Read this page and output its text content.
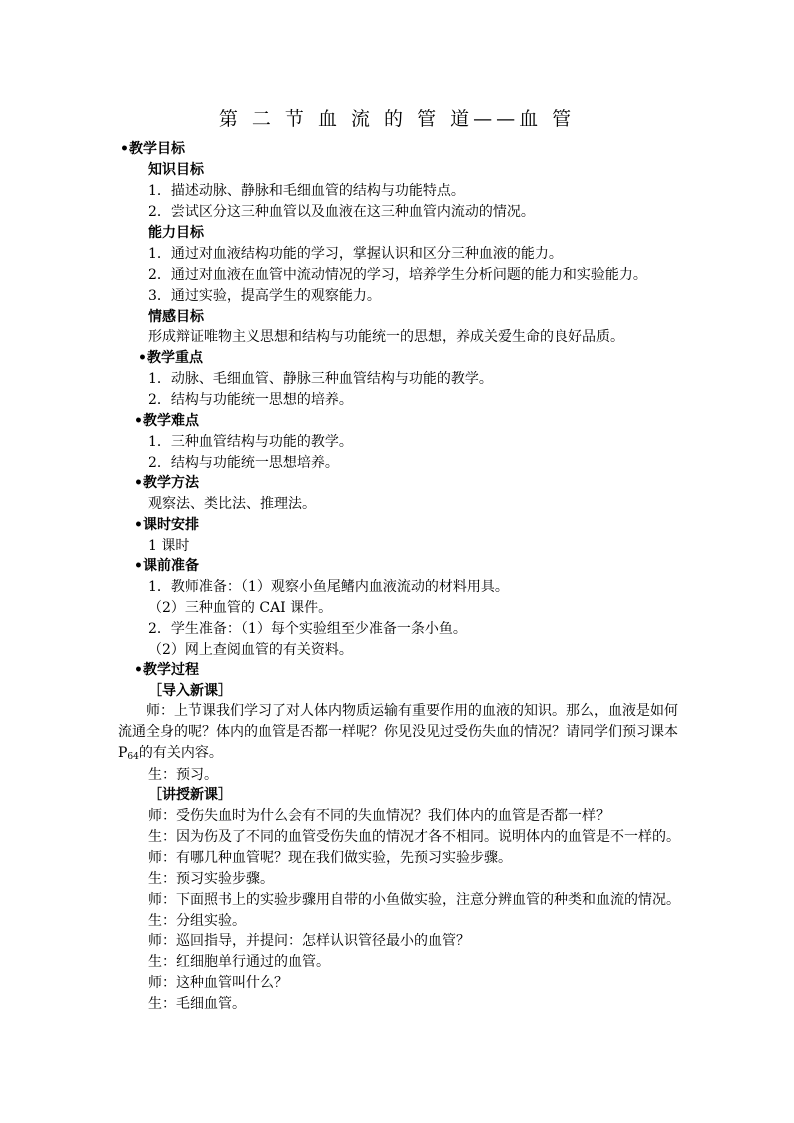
第 二 节 血 流 的 管 道——血 管
•教学目标
知识目标
1．描述动脉、静脉和毛细血管的结构与功能特点。
2．尝试区分这三种血管以及血液在这三种血管内流动的情况。
能力目标
1．通过对血液结构功能的学习，掌握认识和区分三种血液的能力。
2．通过对血液在血管中流动情况的学习，培养学生分析问题的能力和实验能力。
3．通过实验，提高学生的观察能力。
情感目标
形成辩证唯物主义思想和结构与功能统一的思想，养成关爱生命的良好品质。
•教学重点
1．动脉、毛细血管、静脉三种血管结构与功能的教学。
2．结构与功能统一思想的培养。
•教学难点
1．三种血管结构与功能的教学。
2．结构与功能统一思想培养。
•教学方法
观察法、类比法、推理法。
•课时安排
1 课时
•课前准备
1．教师准备：（1）观察小鱼尾鳍内血液流动的材料用具。
（2）三种血管的 CAI 课件。
2．学生准备：（1）每个实验组至少准备一条小鱼。
（2）网上查阅血管的有关资料。
•教学过程
［导入新课］
师：上节课我们学习了对人体内物质运输有重要作用的血液的知识。那么，血液是如何流通全身的呢？体内的血管是否都一样呢？你见没见过受伤失血的情况？请同学们预习课本 $P_{64}$的有关内容。
生：预习。
［讲授新课］
师：受伤失血时为什么会有不同的失血情况？我们体内的血管是否都一样？
生：因为伤及了不同的血管受伤失血的情况才各不相同。说明体内的血管是不一样的。
师：有哪几种血管呢？现在我们做实验，先预习实验步骤。
生：预习实验步骤。
师：下面照书上的实验步骤用自带的小鱼做实验，注意分辨血管的种类和血流的情况。
生：分组实验。
师：巡回指导，并提问：怎样认识管径最小的血管？
生：红细胞单行通过的血管。
师：这种血管叫什么？
生：毛细血管。
